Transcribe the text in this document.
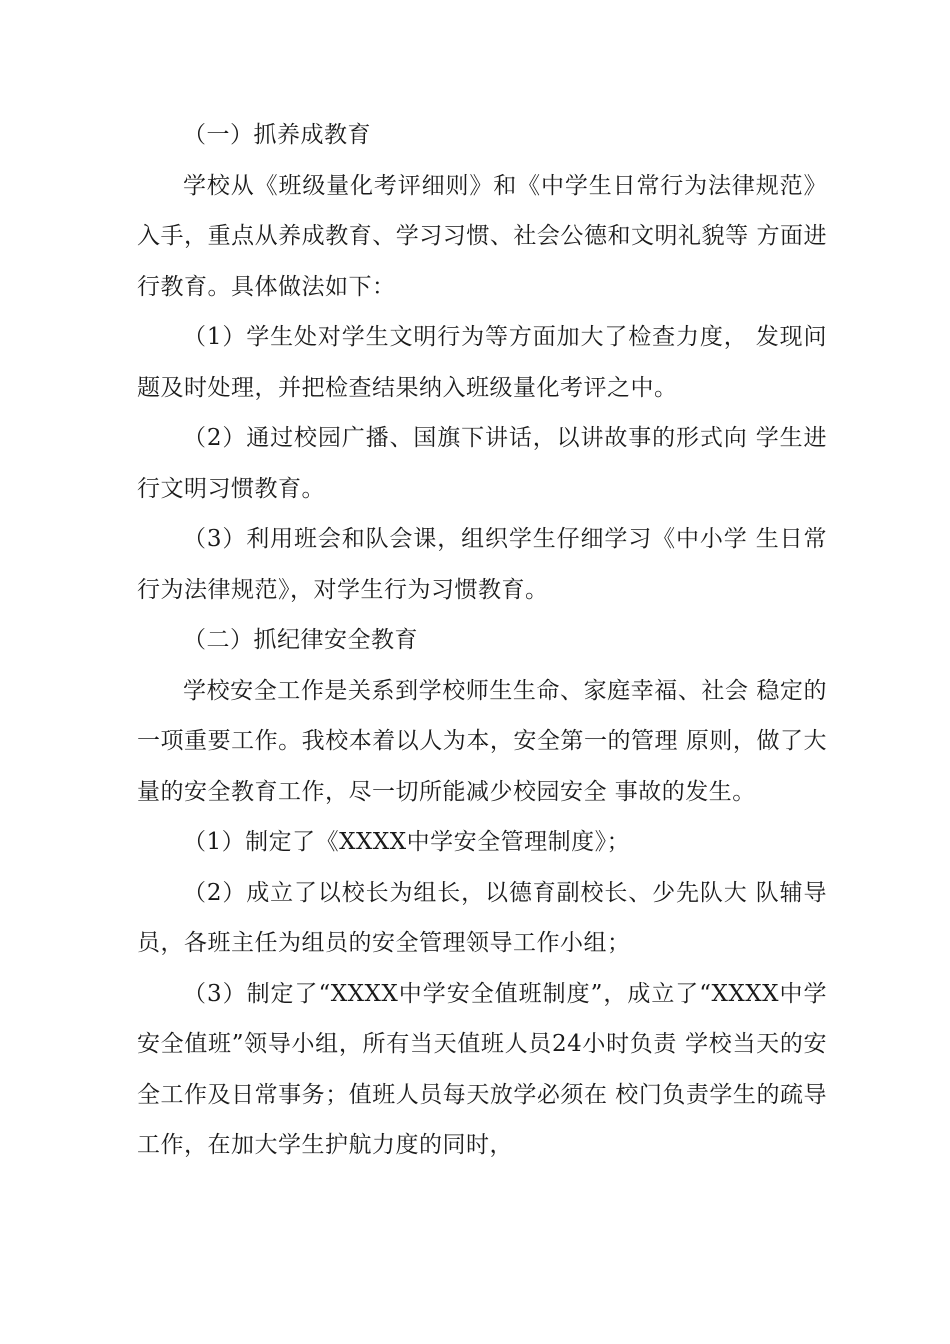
（一）抓养成教育

学校从《班级量化考评细则》和《中学生日常行为法律规范》 入手，重点从养成教育、学习习惯、社会公德和文明礼貌等 方面进行教育。具体做法如下：

（1）学生处对学生文明行为等方面加大了检查力度， 发现问题及时处理，并把检查结果纳入班级量化考评之中。

（2）通过校园广播、国旗下讲话，以讲故事的形式向 学生进行文明习惯教育。

（3）利用班会和队会课，组织学生仔细学习《中小学 生日常行为法律规范》，对学生行为习惯教育。

（二）抓纪律安全教育

学校安全工作是关系到学校师生生命、家庭幸福、社会 稳定的一项重要工作。我校本着以人为本，安全第一的管理 原则，做了大量的安全教育工作，尽一切所能减少校园安全 事故的发生。

（1）制定了《XXXX中学安全管理制度》；

（2）成立了以校长为组长，以德育副校长、少先队大 队辅导员，各班主任为组员的安全管理领导工作小组；

（3）制定了“XXXX中学安全值班制度”，成立了“XXXX中学安全值班”领导小组，所有当天值班人员24小时负责 学校当天的安全工作及日常事务；值班人员每天放学必须在 校门负责学生的疏导工作，在加大学生护航力度的同时，
